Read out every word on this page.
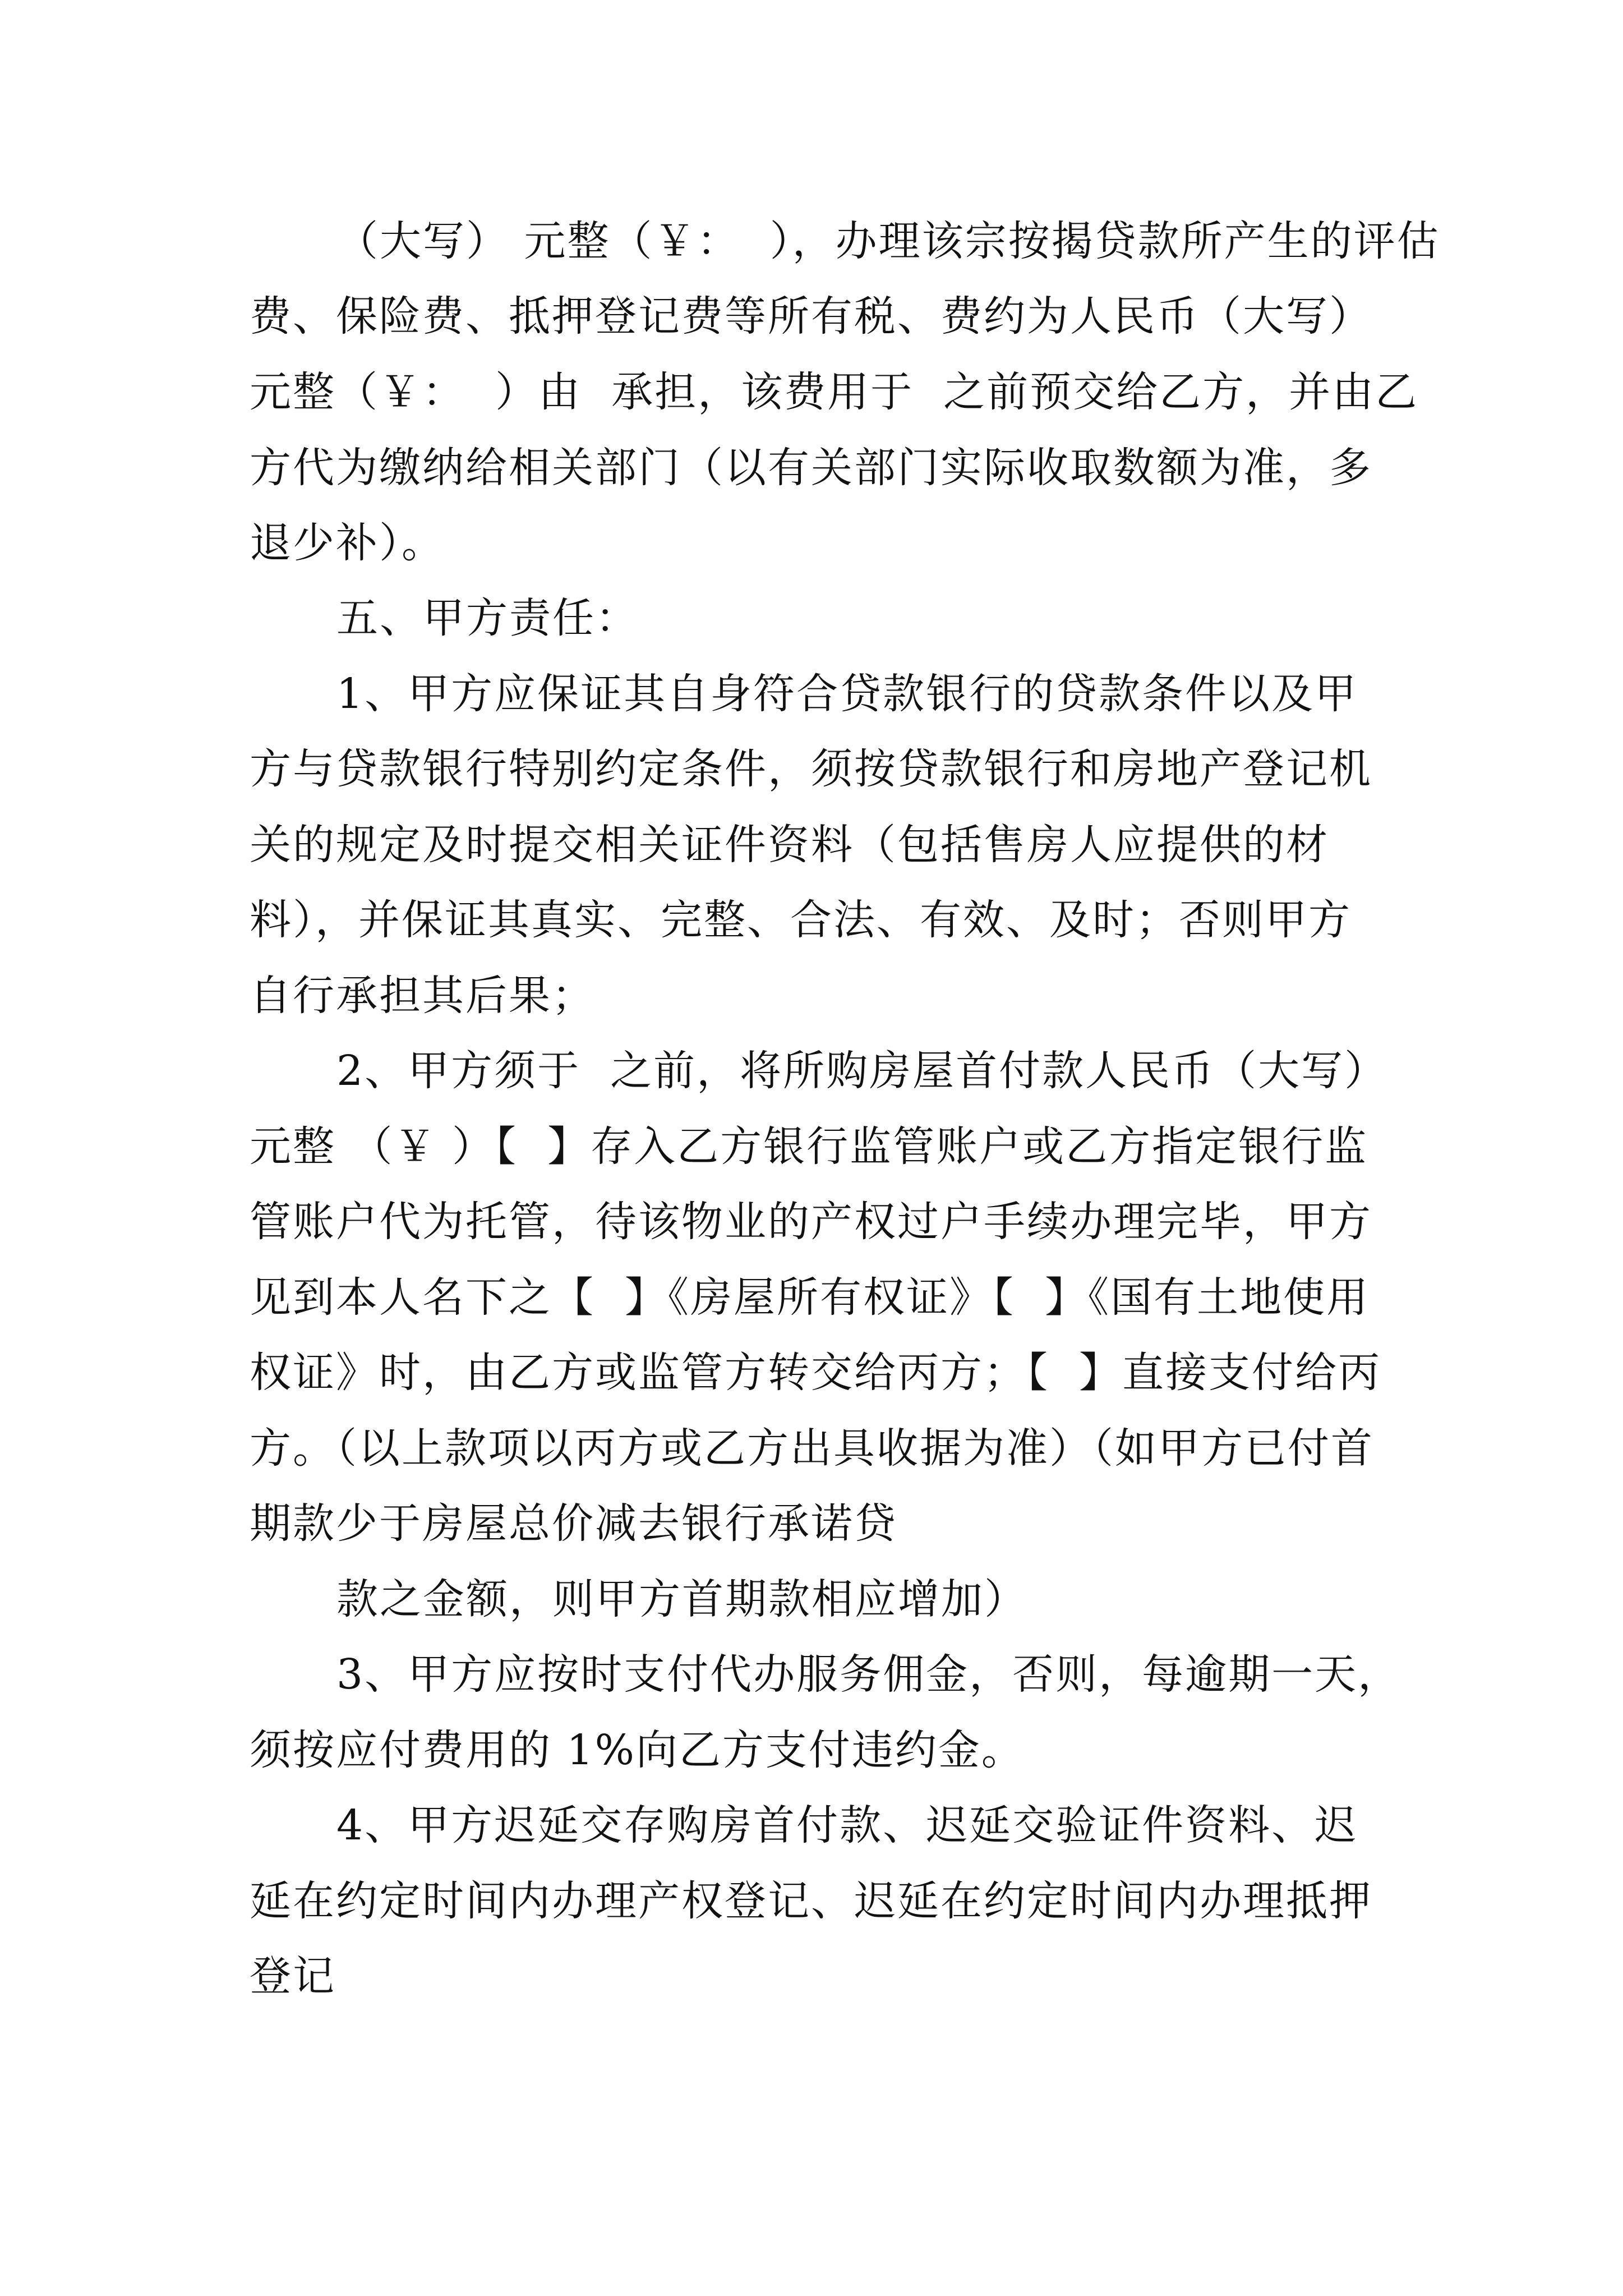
（大写） 元整（￥：  ），办理该宗按揭贷款所产生的评估

费、保险费、抵押登记费等所有税、费约为人民币（大写）

元整（￥：  ）由  承担，该费用于  之前预交给乙方，并由乙

方代为缴纳给相关部门（以有关部门实际收取数额为准，多

退少补）。

五、甲方责任：

1、甲方应保证其自身符合贷款银行的贷款条件以及甲

方与贷款银行特别约定条件，须按贷款银行和房地产登记机

关的规定及时提交相关证件资料（包括售房人应提供的材

料），并保证其真实、完整、合法、有效、及时；否则甲方

自行承担其后果；

2、甲方须于  之前，将所购房屋首付款人民币（大写）

元整 （￥ ）【  】存入乙方银行监管账户或乙方指定银行监

管账户代为托管，待该物业的产权过户手续办理完毕，甲方

见到本人名下之【  】《房屋所有权证》【  】《国有土地使用

权证》时，由乙方或监管方转交给丙方；【  】直接支付给丙

方。（以上款项以丙方或乙方出具收据为准）（如甲方已付首

期款少于房屋总价减去银行承诺贷

款之金额，则甲方首期款相应增加）

3、甲方应按时支付代办服务佣金，否则，每逾期一天，

须按应付费用的 1%向乙方支付违约金。

4、甲方迟延交存购房首付款、迟延交验证件资料、迟

延在约定时间内办理产权登记、迟延在约定时间内办理抵押

登记
